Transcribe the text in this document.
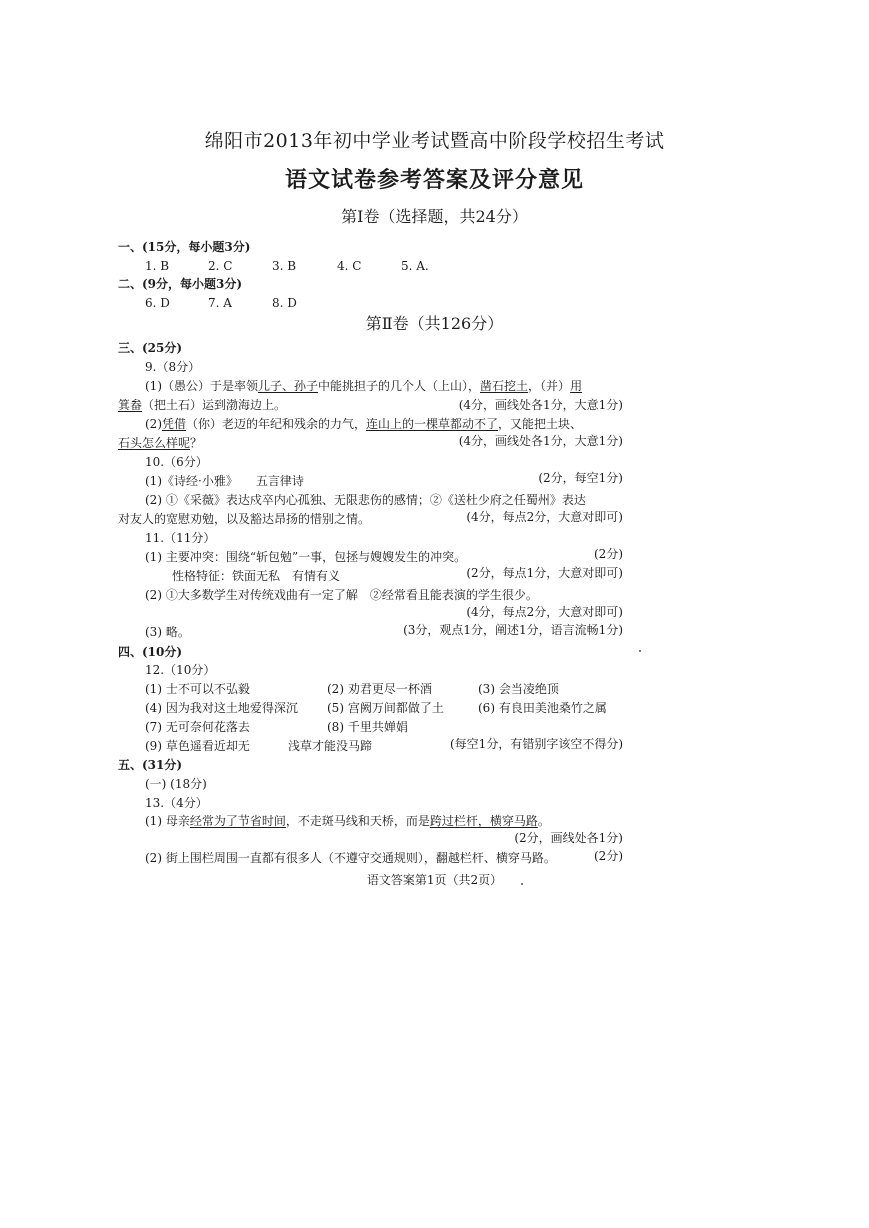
绵阳市2013年初中学业考试暨高中阶段学校招生考试
语文试卷参考答案及评分意见
第Ⅰ卷（选择题，共24分）
一、(15分，每小题3分)
1. B	2. C	3. B	4. C	5. A.
二、(9分，每小题3分)
6. D	7. A	8. D
第Ⅱ卷（共126分）
三、(25分)
9.（8分）
(1)（愚公）于是率领儿子、孙子中能挑担子的几个人（上山），凿石挖土，（并）用
箕畚（把土石）运到渤海边上。	(4分，画线处各1分，大意1分)
(2)凭借（你）老迈的年纪和残余的力气，连山上的一棵草都动不了，又能把土块、
石头怎么样呢？	(4分，画线处各1分，大意1分)
10.（6分）
(1)《诗经·小雅》　　五言律诗	(2分，每空1分)
(2) ①《采薇》表达戍卒内心孤独、无限悲伤的感情；②《送杜少府之任蜀州》表达
对友人的宽慰劝勉，以及豁达昂扬的惜别之情。	(4分，每点2分，大意对即可)
11.（11分）
(1) 主要冲突：围绕“斩包勉”一事，包拯与嫂嫂发生的冲突。	(2分)
性格特征：铁面无私　有情有义	(2分，每点1分，大意对即可)
(2) ①大多数学生对传统戏曲有一定了解　②经常看且能表演的学生很少。
(4分，每点2分，大意对即可)
(3) 略。	(3分，观点1分，阐述1分，语言流畅1分)
四、(10分)
12.（10分）
(1) 士不可以不弘毅	(2) 劝君更尽一杯酒	(3) 会当凌绝顶
(4) 因为我对这土地爱得深沉 (5) 宫阙万间都做了土	(6) 有良田美池桑竹之属
(7) 无可奈何花落去	(8) 千里共婵娟
(9) 草色遥看近却无	浅草才能没马蹄	(每空1分，有错别字该空不得分)
五、(31分)
(一) (18分)
13.（4分）
(1) 母亲经常为了节省时间，不走斑马线和天桥，而是跨过栏杆，横穿马路。
(2分，画线处各1分)
(2) 街上围栏周围一直都有很多人（不遵守交通规则），翻越栏杆、横穿马路。	(2分)
语文答案第1页（共2页）
